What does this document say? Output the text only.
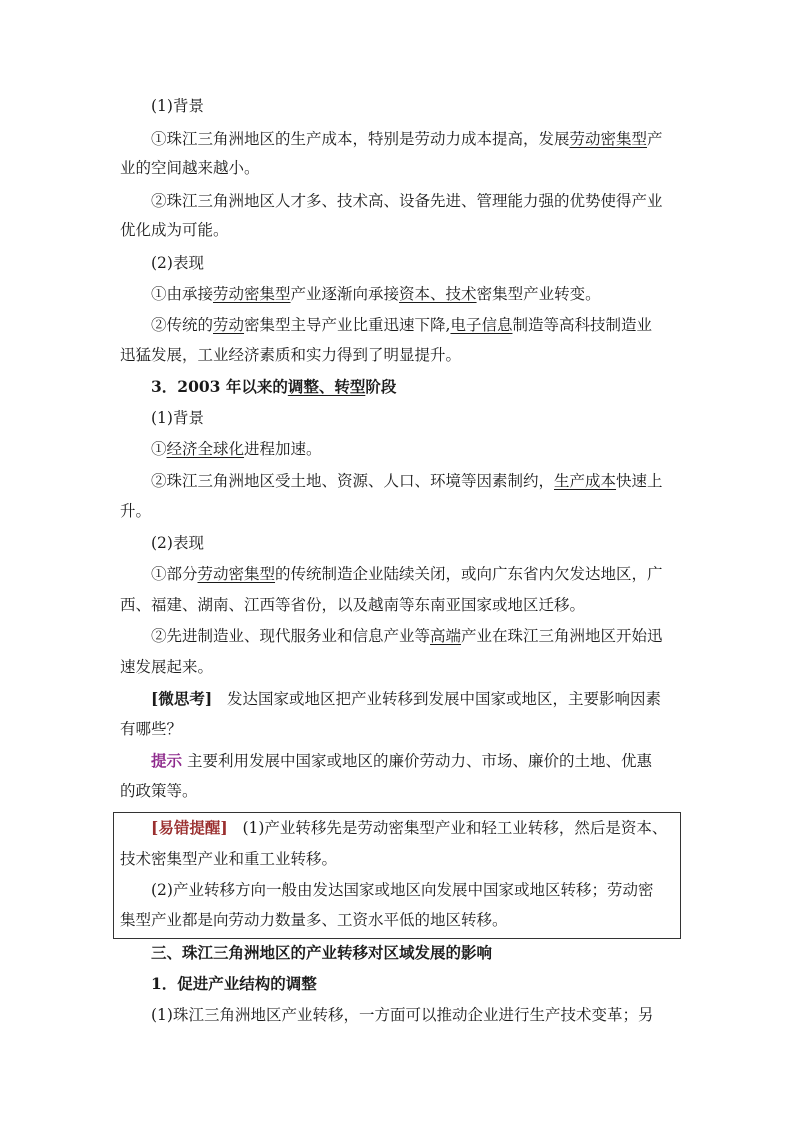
(1)背景
①珠江三角洲地区的生产成本，特别是劳动力成本提高，发展劳动密集型产
业的空间越来越小。
②珠江三角洲地区人才多、技术高、设备先进、管理能力强的优势使得产业
优化成为可能。
(2)表现
①由承接劳动密集型产业逐渐向承接资本、技术密集型产业转变。
②传统的劳动密集型主导产业比重迅速下降,电子信息制造等高科技制造业
迅猛发展，工业经济素质和实力得到了明显提升。
3．2003 年以来的调整、转型阶段
(1)背景
①经济全球化进程加速。
②珠江三角洲地区受土地、资源、人口、环境等因素制约，生产成本快速上
升。
(2)表现
①部分劳动密集型的传统制造企业陆续关闭，或向广东省内欠发达地区，广
西、福建、湖南、江西等省份，以及越南等东南亚国家或地区迁移。
②先进制造业、现代服务业和信息产业等高端产业在珠江三角洲地区开始迅
速发展起来。
[微思考] 发达国家或地区把产业转移到发展中国家或地区，主要影响因素
有哪些？
提示 主要利用发展中国家或地区的廉价劳动力、市场、廉价的土地、优惠
的政策等。
[易错提醒] (1)产业转移先是劳动密集型产业和轻工业转移，然后是资本、
技术密集型产业和重工业转移。
(2)产业转移方向一般由发达国家或地区向发展中国家或地区转移；劳动密
集型产业都是向劳动力数量多、工资水平低的地区转移。
三、珠江三角洲地区的产业转移对区域发展的影响
1．促进产业结构的调整
(1)珠江三角洲地区产业转移，一方面可以推动企业进行生产技术变革；另
